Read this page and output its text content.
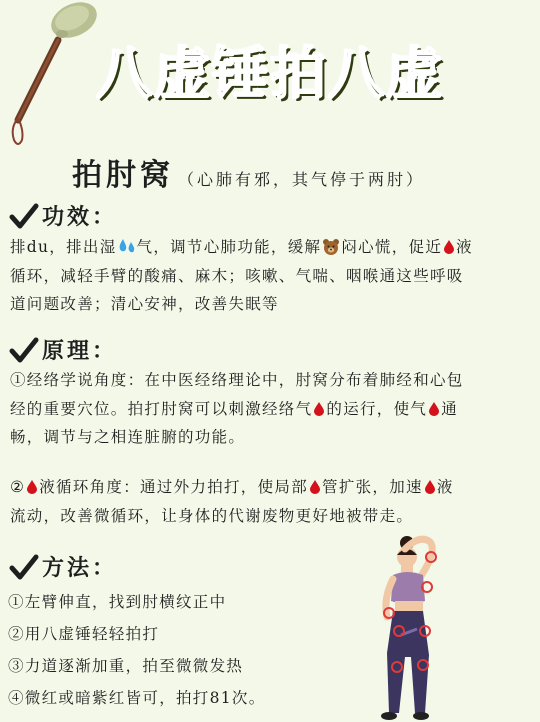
八虚锤拍八虚
拍肘窝 （心肺有邪，其气停于两肘）
功效：
排du，排出湿 气，调节心肺功能，缓解 闷心慌，促近 液
循环，减轻手臂的酸痛、麻木；咳嗽、气喘、咽喉通这些呼吸
道问题改善；清心安神，改善失眠等
原理：
①经络学说角度：在中医经络理论中，肘窝分布着肺经和心包
经的重要穴位。拍打肘窝可以刺激经络气 的运行，使气 通
畅，调节与之相连脏腑的功能。
② 液循环角度：通过外力拍打，使局部 管扩张，加速 液
流动，改善微循环，让身体的代谢废物更好地被带走。
方法：
①左臂伸直，找到肘横纹正中
②用八虚锤轻轻拍打
③力道逐渐加重，拍至微微发热
④微红或暗紫红皆可，拍打81次。
